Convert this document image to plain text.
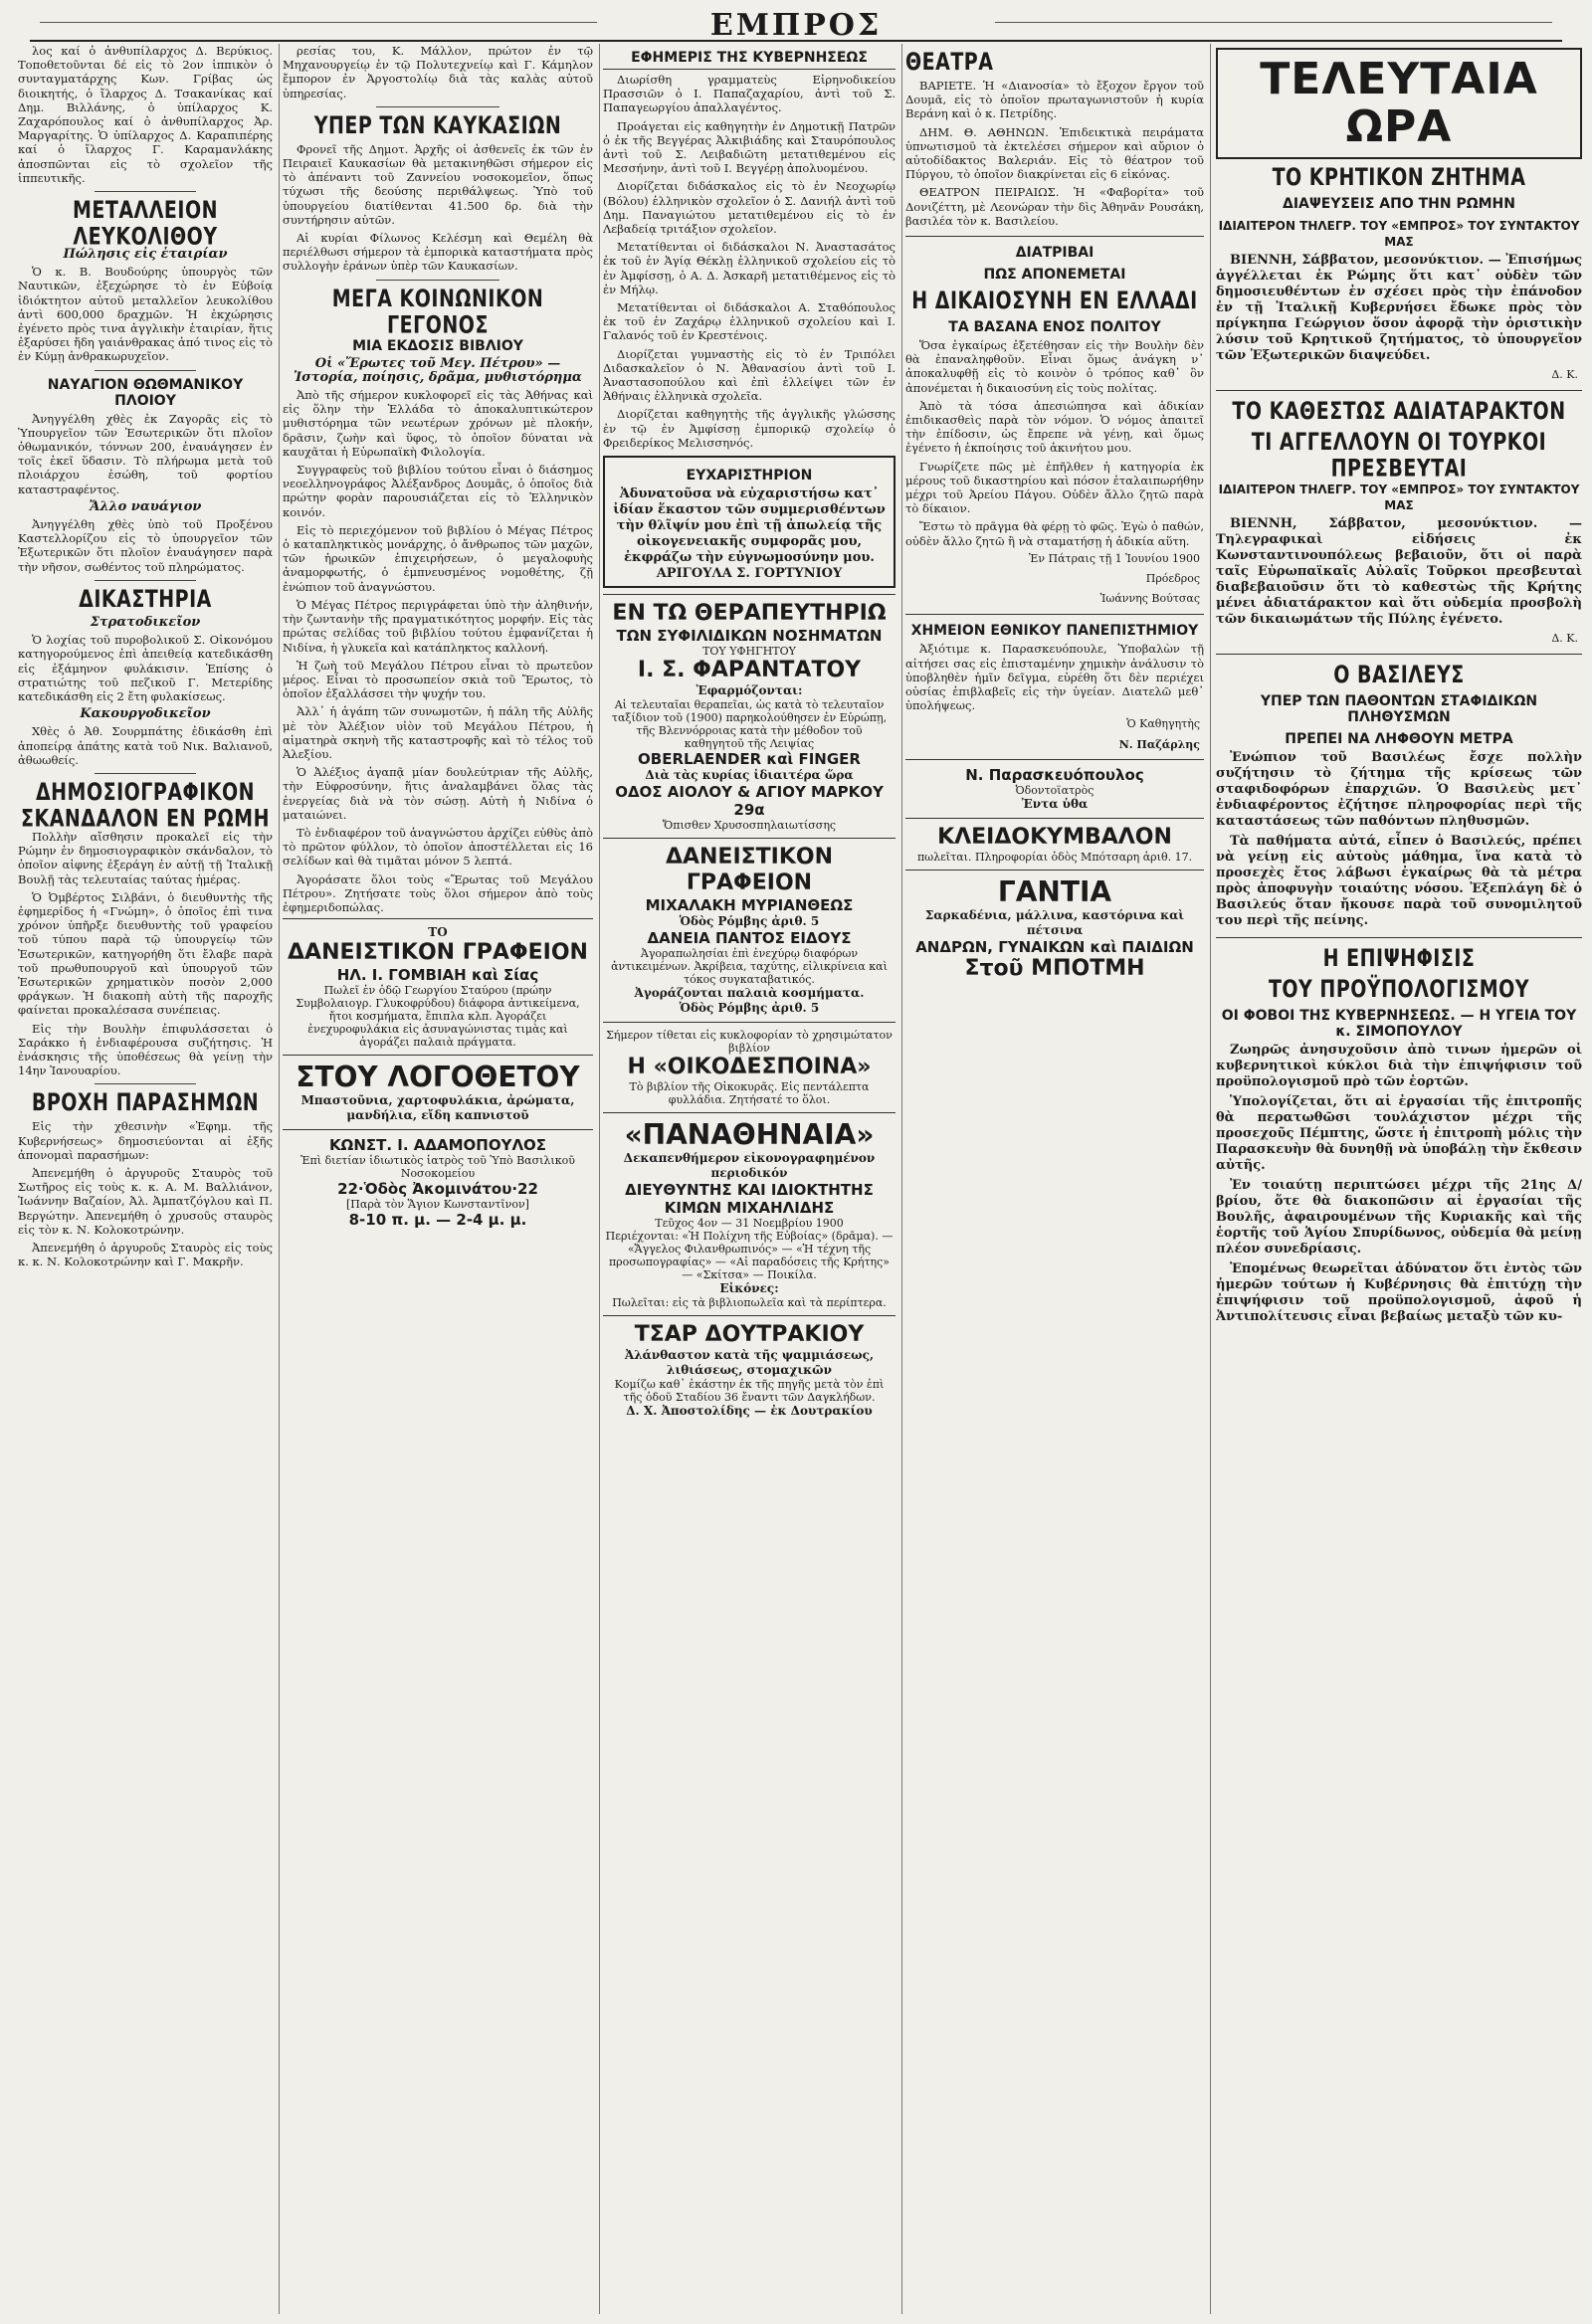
ΕΜΠΡΟΣ

λος καί ὁ ἀνθυπίλαρχος Δ. Βερύκιος. Τοποθετοῦνται δέ εἰς τὸ 2ον ἱππικὸν ὁ συνταγματάρχης Κων. Γρίβας ὡς διοικητής, ὁ ἴλαρχος Δ. Τσακανίκας καί Δημ. Βιλλάνης, ὁ ὑπίλαρχος Κ. Ζαχαρόπουλος καί ὁ ἀνθυπίλαρχος Ἀρ. Μαργαρίτης. Ὁ ὑπίλαρχος Δ. Καραπιπέρης καί ὁ ἴλαρχος Γ. Καραμανλάκης ἀποσπῶνται εἰς τὸ σχολεῖον τῆς ἱππευτικῆς.

ΜΕΤΑΛΛΕΙΟΝ ΛΕΥΚΟΛΙΘΟΥ
Πώλησις εἰς ἑταιρίαν

Ὁ κ. Β. Βουδούρης ὑπουργὸς τῶν Ναυτικῶν, ἐξεχώρησε τὸ ἐν Εὐβοίᾳ ἰδιόκτητον αὐτοῦ μεταλλεῖον λευκολίθου ἀντὶ 600,000 δραχμῶν. Ἡ ἐκχώρησις ἐγένετο πρὸς τινα ἀγγλικὴν ἑταιρίαν, ἥτις ἐξαρύσει ἤδη γαιάνθρακας ἀπό τινος εἰς τὸ ἐν Κύμῃ ἀνθρακωρυχεῖον.

ΝΑΥΑΓΙΟΝ ΘΩΘΜΑΝΙΚΟΥ ΠΛΟΙΟΥ

Ἀνηγγέλθη χθὲς ἐκ Ζαγορᾶς εἰς τὸ Ὑπουργεῖον τῶν Ἐσωτερικῶν ὅτι πλοῖον ὀθωμανικόν, τόννων 200, ἐναυάγησεν ἐν τοῖς ἐκεῖ ὕδασιν. Τὸ πλήρωμα μετὰ τοῦ πλοιάρχου ἐσώθη, τοῦ φορτίου καταστραφέντος.

Ἄλλο ναυάγιον

Ἀνηγγέλθη χθὲς ὑπὸ τοῦ Προξένου Καστελλορίζου εἰς τὸ ὑπουργεῖον τῶν Ἐξωτερικῶν ὅτι πλοῖον ἐναυάγησεν παρὰ τὴν νῆσον, σωθέντος τοῦ πληρώματος.

ΔΙΚΑΣΤΗΡΙΑ
Στρατοδικεῖον

Ὁ λοχίας τοῦ πυροβολικοῦ Σ. Οἰκονόμου κατηγορούμενος ἐπὶ ἀπειθείᾳ κατεδικάσθη εἰς ἑξάμηνον φυλάκισιν. Ἐπίσης ὁ στρατιώτης τοῦ πεζικοῦ Γ. Μετερίδης κατεδικάσθη εἰς 2 ἔτη φυλακίσεως.

Κακουργοδικεῖον

Χθὲς ὁ Ἀθ. Σουρμπάτης ἐδικάσθη ἐπὶ ἀποπείρᾳ ἀπάτης κατὰ τοῦ Νικ. Βαλιανοῦ, ἀθωωθείς.

ΔΗΜΟΣΙΟΓΡΑΦΙΚΟΝ ΣΚΑΝΔΑΛΟΝ ΕΝ ΡΩΜΗ

Πολλὴν αἴσθησιν προκαλεῖ εἰς τὴν Ρώμην ἐν δημοσιογραφικὸν σκάνδαλον, τὸ ὁποῖον αἰφνης ἐξεράγη ἐν αὐτῇ τῇ Ἰταλικῇ Βουλῇ τὰς τελευταίας ταύτας ἡμέρας.

Ὁ Ὀμβέρτος Σιλβάνι, ὁ διευθυντὴς τῆς ἐφημερίδος ἡ «Γνώμη», ὁ ὁποῖος ἐπὶ τινα χρόνον ὑπῆρξε διευθυντὴς τοῦ γραφείου τοῦ τύπου παρὰ τῷ ὑπουργείῳ τῶν Ἐσωτερικῶν, κατηγορήθη ὅτι ἔλαβε παρὰ τοῦ πρωθυπουργοῦ καὶ ὑπουργοῦ τῶν Ἐσωτερικῶν χρηματικὸν ποσὸν 2,000 φράγκων. Ἡ διακοπὴ αὐτὴ τῆς παροχῆς φαίνεται προκαλέσασα συνέπειας.

Εἰς τὴν Βουλὴν ἐπιφυλάσσεται ὁ Σαράκκο ἡ ἐνδιαφέρουσα συζήτησις. Ἡ ἐνάσκησις τῆς ὑποθέσεως θὰ γείνῃ τὴν 14ην Ἰανουαρίου.

ΒΡΟΧΗ ΠΑΡΑΣΗΜΩΝ

Εἰς τὴν χθεσινὴν «Ἐφημ. τῆς Κυβερνήσεως» δημοσιεύονται αἱ ἑξῆς ἀπονομαὶ παρασήμων:

Ἀπενεμήθη ὁ ἀργυροῦς Σταυρὸς τοῦ Σωτῆρος εἰς τοὺς κ. κ. Α. Μ. Βαλλιάνον, Ἰωάννην Βαζαίον, Ἀλ. Ἀμπατζόγλου καὶ Π. Βεργώτην. Ἀπενεμήθη ὁ χρυσοῦς σταυρὸς εἰς τὸν κ. Ν. Κολοκοτρώνην.

Ἀπενεμήθη ὁ ἀργυροῦς Σταυρὸς εἰς τοὺς κ. κ. Ν. Κολοκοτρώνην καὶ Γ. Μακρῆν.

ρεσίας του, Κ. Μάλλον, πρώτον ἐν τῷ Μηχανουργείῳ ἐν τῷ Πολυτεχνείῳ καὶ Γ. Κάμηλον ἔμπορον ἐν Ἀργοστολίῳ διὰ τὰς καλὰς αὐτοῦ ὑπηρεσίας.

ΥΠΕΡ ΤΩΝ ΚΑΥΚΑΣΙΩΝ

Φρονεῖ τῆς Δημοτ. Ἀρχῆς οἱ ἀσθενεῖς ἐκ τῶν ἐν Πειραιεῖ Καυκασίων θὰ μετακινηθῶσι σήμερον εἰς τὸ ἀπέναντι τοῦ Ζαννείου νοσοκομεῖον, ὅπως τύχωσι τῆς δεούσης περιθάλψεως. Ὑπὸ τοῦ ὑπουργείου διατίθενται 41.500 δρ. διὰ τὴν συντήρησιν αὐτῶν.

Αἱ κυρίαι Φίλωνος Κελέσμη καὶ Θεμέλη θὰ περιέλθωσι σήμερον τὰ ἐμπορικὰ καταστήματα πρὸς συλλογὴν ἐράνων ὑπὲρ τῶν Καυκασίων.

ΜΕΓΑ ΚΟΙΝΩΝΙΚΟΝ ΓΕΓΟΝΟΣ
ΜΙΑ ΕΚΔΟΣΙΣ ΒΙΒΛΙΟΥ
Οἱ «Ἔρωτες τοῦ Μεγ. Πέτρου» — Ἱστορία, ποίησις, δρᾶμα, μυθιστόρημα

Ἀπὸ τῆς σήμερον κυκλοφορεῖ εἰς τὰς Ἀθήνας καὶ εἰς ὅλην τὴν Ἑλλάδα τὸ ἀποκαλυπτικώτερον μυθιστόρημα τῶν νεωτέρων χρόνων μὲ πλοκήν, δρᾶσιν, ζωὴν καὶ ὕφος, τὸ ὁποῖον δύναται νὰ καυχᾶται ἡ Εὐρωπαϊκὴ Φιλολογία.

Συγγραφεὺς τοῦ βιβλίου τούτου εἶναι ὁ διάσημος νεοελληνογράφος Ἀλέξανδρος Δουμᾶς, ὁ ὁποῖος διὰ πρώτην φορὰν παρουσιάζεται εἰς τὸ Ἑλληνικὸν κοινόν.

Εἰς τὸ περιεχόμενον τοῦ βιβλίου ὁ Μέγας Πέτρος ὁ καταπληκτικὸς μονάρχης, ὁ ἄνθρωπος τῶν μαχῶν, τῶν ἡρωικῶν ἐπιχειρήσεων, ὁ μεγαλοφυὴς ἀναμορφωτής, ὁ ἐμπνευσμένος νομοθέτης, ζῇ ἐνώπιον τοῦ ἀναγνώστου.

Ὁ Μέγας Πέτρος περιγράφεται ὑπὸ τὴν ἀληθινήν, τὴν ζωντανὴν τῆς πραγματικότητος μορφήν. Εἰς τὰς πρώτας σελίδας τοῦ βιβλίου τούτου ἐμφανίζεται ἡ Νιδίνα, ἡ γλυκεῖα καὶ κατάπληκτος καλλονή.

Ἡ ζωὴ τοῦ Μεγάλου Πέτρου εἶναι τὸ πρωτεῦον μέρος. Εἶναι τὸ προσωπείον σκιὰ τοῦ Ἔρωτος, τὸ ὁποῖον ἐξαλλάσσει τὴν ψυχήν του.

Ἀλλ᾽ ἡ ἀγάπη τῶν συνωμοτῶν, ἡ πάλη τῆς Αὐλῆς μὲ τὸν Ἀλέξιον υἱὸν τοῦ Μεγάλου Πέτρου, ἡ αἱματηρὰ σκηνὴ τῆς καταστροφῆς καὶ τὸ τέλος τοῦ Ἀλεξίου.

Ὁ Ἀλέξιος ἀγαπᾷ μίαν δουλεύτριαν τῆς Αὐλῆς, τὴν Εὐφροσύνην, ἥτις ἀναλαμβάνει ὅλας τὰς ἐνεργείας διὰ νὰ τὸν σώσῃ. Αὐτὴ ἡ Νιδίνα ὁ ματαιώνει.

Τὸ ἐνδιαφέρον τοῦ ἀναγνώστου ἀρχίζει εὐθὺς ἀπὸ τὸ πρῶτον φύλλον, τὸ ὁποῖον ἀποστέλλεται εἰς 16 σελίδων καὶ θὰ τιμᾶται μόνον 5 λεπτά.

Ἀγοράσατε ὅλοι τοὺς «Ἔρωτας τοῦ Μεγάλου Πέτρου». Ζητήσατε τοὺς ὅλοι σήμερον ἀπὸ τοὺς ἐφημεριδοπώλας.

ΤΟ
ΔΑΝΕΙΣΤΙΚΟΝ ΓΡΑΦΕΙΟΝ
ΗΛ. Ι. ΓΟΜΒΙΑΗ καὶ Σίας
Πωλεῖ ἐν ὁδῷ Γεωργίου Σταύρου (πρώην Συμβολαιογρ. Γλυκοφρύδου) διάφορα ἀντικείμενα, ἤτοι κοσμήματα, ἔπιπλα κλπ. Ἀγοράζει ἐνεχυροφυλάκια εἰς ἀσυναγώνιστας τιμὰς καὶ ἀγοράζει παλαιὰ πράγματα.
ΣΤΟΥ ΛΟΓΟΘΕΤΟΥ
Μπαστοῦνια, χαρτοφυλάκια, ἀρώματα, μανδήλια, εἴδη καπνιστοῦ
ΚΩΝΣΤ. Ι. ΑΔΑΜΟΠΟΥΛΟΣ
Ἐπὶ διετίαν ἰδιωτικὸς ἰατρὸς τοῦ Ὑπὸ Βασιλικοῦ Νοσοκομείου
22·Ὁδὸς Ἀκομινάτου·22
[Παρὰ τὸν Ἅγιον Κωνσταντῖνον]
8-10 π. μ. — 2-4 μ. μ.
ΕΦΗΜΕΡΙΣ ΤΗΣ ΚΥΒΕΡΝΗΣΕΩΣ

Διωρίσθη γραμματεὺς Εἰρηνοδικείου Πρασσιῶν ὁ Ι. Παπαζαχαρίου, ἀντὶ τοῦ Σ. Παπαγεωργίου ἀπαλλαγέντος.

Προάγεται εἰς καθηγητὴν ἐν Δημοτικῇ Πατρῶν ὁ ἐκ τῆς Βεγγέρας Ἀλκιβιάδης καὶ Σταυρόπουλος ἀντὶ τοῦ Σ. Λειβαδιῶτη μετατιθεμένου εἰς Μεσσήνην, ἀντὶ τοῦ Ι. Βεγγέρῃ ἀπολυομένου.

Διορίζεται διδάσκαλος εἰς τὸ ἐν Νεοχωρίῳ (Βόλου) ἑλληνικὸν σχολεῖον ὁ Σ. Δανιήλ ἀντὶ τοῦ Δημ. Παναγιώτου μετατιθεμένου εἰς τὸ ἐν Λεβαδείᾳ τριτάξιον σχολεῖον.

Μετατίθενται οἱ διδάσκαλοι Ν. Ἀναστασάτος ἐκ τοῦ ἐν Ἁγίᾳ Θέκλῃ ἑλληνικοῦ σχολείου εἰς τὸ ἐν Ἀμφίσσῃ, ὁ Α. Δ. Ἀσκαρῆ μετατιθέμενος εἰς τὸ ἐν Μήλῳ.

Μετατίθενται οἱ διδάσκαλοι Α. Σταθόπουλος ἐκ τοῦ ἐν Ζαχάρῳ ἑλληνικοῦ σχολείου καὶ Ι. Γαλανός τοῦ ἐν Κρεστένοις.

Διορίζεται γυμναστὴς εἰς τὸ ἐν Τριπόλει Διδασκαλεῖον ὁ Ν. Ἀθανασίου ἀντὶ τοῦ Ι. Ἀναστασοπούλου καὶ ἐπὶ ἐλλείψει τῶν ἐν Ἀθήναις ἑλληνικὰ σχολεῖα.

Διορίζεται καθηγητὴς τῆς ἀγγλικῆς γλώσσης ἐν τῷ ἐν Ἀμφίσσῃ ἐμπορικῷ σχολείῳ ὁ Φρειδερίκος Μελισσηνός.

ΕΥΧΑΡΙΣΤΗΡΙΟΝ
Ἀδυνατοῦσα νὰ εὐχαριστήσω κατ᾽ ἰδίαν ἕκαστον τῶν συμμερισθέντων τὴν θλῖψίν μου ἐπὶ τῇ ἀπωλείᾳ τῆς οἰκογενειακῆς συμφορᾶς μου, ἐκφράζω τὴν εὐγνωμοσύνην μου.
ΑΡΙΓΟΥΛΑ Σ. ΓΟΡΤΥΝΙΟΥ
ΕΝ ΤΩ ΘΕΡΑΠΕΥΤΗΡΙΩ
ΤΩΝ ΣΥΦΙΛΙΔΙΚΩΝ ΝΟΣΗΜΑΤΩΝ
ΤΟΥ ΥΦΗΓΗΤΟΥ
Ι. Σ. ΦΑΡΑΝΤΑΤΟΥ
Ἐφαρμόζονται:
Αἱ τελευταῖαι θεραπεῖαι, ὡς κατὰ τὸ τελευταῖον ταξίδιον τοῦ (1900) παρηκολούθησεν ἐν Εὐρώπῃ, τῆς Βλεννόρροιας κατὰ τὴν μέθοδον τοῦ καθηγητοῦ τῆς Λειψίας
OBERLAENDER καὶ FINGER
Διὰ τὰς κυρίας ἰδιαιτέρα ὥρα
ΟΔΟΣ ΑΙΟΛΟΥ & ΑΓΙΟΥ ΜΑΡΚΟΥ 29α
Ὄπισθεν Χρυσοσπηλαιωτίσσης
ΔΑΝΕΙΣΤΙΚΟΝ ΓΡΑΦΕΙΟΝ
ΜΙΧΑΛΑΚΗ ΜΥΡΙΑΝΘΕΩΣ
Ὁδὸς Ρόμβης ἀριθ. 5
ΔΑΝΕΙΑ ΠΑΝΤΟΣ ΕΙΔΟΥΣ
Ἀγοραπωλησίαι ἐπὶ ἐνεχύρῳ διαφόρων ἀντικειμένων. Ἀκρίβεια, ταχύτης, εἰλικρίνεια καὶ τόκος συγκαταβατικός.
Ἀγοράζονται παλαιὰ κοσμήματα.
Ὁδὸς Ρόμβης ἀριθ. 5
Σήμερον τίθεται εἰς κυκλοφορίαν τὸ χρησιμώτατον βιβλίον
Η «ΟΙΚΟΔΕΣΠΟΙΝΑ»
Τὸ βιβλίον τῆς Οἰκοκυρᾶς. Εἰς πεντάλεπτα φυλλάδια. Ζητήσατέ το ὅλοι.
«ΠΑΝΑΘΗΝΑΙΑ»
Δεκαπενθήμερον εἰκονογραφημένον περιοδικόν
ΔΙΕΥΘΥΝΤΗΣ ΚΑΙ ΙΔΙΟΚΤΗΤΗΣ
ΚΙΜΩΝ ΜΙΧΑΗΛΙΔΗΣ
Τεῦχος 4ον — 31 Νοεμβρίου 1900
Περιέχονται: «Ἡ Πολίχνη τῆς Εὐβοίας» (δρᾶμα). — «Ἄγγελος Φιλανθρωπινός» — «Ἡ τέχνη τῆς προσωπογραφίας» — «Αἱ παραδόσεις τῆς Κρήτης» — «Σκίτσα» — Ποικίλα.
Εἰκόνες:
Πωλεῖται: εἰς τὰ βιβλιοπωλεῖα καὶ τὰ περίπτερα.
ΤΣΑΡ ΔΟΥΤΡΑΚΙΟΥ
Ἀλάνθαστον κατὰ τῆς ψαμμιάσεως, λιθιάσεως, στομαχικῶν
Κομίζω καθ᾽ ἑκάστην ἐκ τῆς πηγῆς μετὰ τὸν ἐπὶ τῆς ὁδοῦ Σταδίου 36 ἔναντι τῶν Δαγκλήδων.
Δ. Χ. Ἀποστολίδης — ἐκ Δουτρακίου
ΘΕΑΤΡΑ

ΒΑΡΙΕΤΕ. Ἡ «Διανοσία» τὸ ἔξοχον ἔργον τοῦ Δουμᾶ, εἰς τὸ ὁποῖον πρωταγωνιστοῦν ἡ κυρία Βεράνη καὶ ὁ κ. Πετρίδης.

ΔΗΜ. Θ. ΑΘΗΝΩΝ. Ἐπιδεικτικὰ πειράματα ὑπνωτισμοῦ τὰ ἐκτελέσει σήμερον καὶ αὔριον ὁ αὐτοδίδακτος Βαλεριάν. Εἰς τὸ θέατρον τοῦ Πύργου, τὸ ὁποῖον διακρίνεται εἰς 6 εἰκόνας.

ΘΕΑΤΡΟΝ ΠΕΙΡΑΙΩΣ. Ἡ «Φαβορίτα» τοῦ Δονιζέττη, μὲ Λεονώραν τὴν δὶς Ἀθηνᾶν Ρουσάκη, βασιλέα τὸν κ. Βασιλείου.

ΔΙΑΤΡΙΒΑΙ
ΠΩΣ ΑΠΟΝΕΜΕΤΑΙ
Η ΔΙΚΑΙΟΣΥΝΗ ΕΝ ΕΛΛΑΔΙ
ΤΑ ΒΑΣΑΝΑ ΕΝΟΣ ΠΟΛΙΤΟΥ

Ὅσα ἐγκαίρως ἐξετέθησαν εἰς τὴν Βουλὴν δὲν θὰ ἐπαναληφθοῦν. Εἶναι ὅμως ἀνάγκη ν᾽ ἀποκαλυφθῇ εἰς τὸ κοινὸν ὁ τρόπος καθ᾽ ὃν ἀπονέμεται ἡ δικαιοσύνη εἰς τοὺς πολίτας.

Ἀπὸ τὰ τόσα ἀπεσιώπησα καὶ ἀδικίαν ἐπιδικασθεὶς παρὰ τὸν νόμον. Ὁ νόμος ἀπαιτεῖ τὴν ἐπίδοσιν, ὡς ἔπρεπε νὰ γένῃ, καὶ ὅμως ἐγένετο ἡ ἐκποίησις τοῦ ἀκινήτου μου.

Γνωρίζετε πῶς μὲ ἐπῆλθεν ἡ κατηγορία ἐκ μέρους τοῦ δικαστηρίου καὶ πόσον ἐταλαιπωρήθην μέχρι τοῦ Ἀρείου Πάγου. Οὐδὲν ἄλλο ζητῶ παρὰ τὸ δίκαιον.

Ἔστω τὸ πρᾶγμα θὰ φέρῃ τὸ φῶς. Ἐγὼ ὁ παθών, οὐδὲν ἄλλο ζητῶ ἢ νὰ σταματήσῃ ἡ ἀδικία αὕτη.

Ἐν Πάτραις τῇ 1 Ἰουνίου 1900
Πρόεδρος
Ἰωάννης Βούτσας
ΧΗΜΕΙΟΝ ΕΘΝΙΚΟΥ ΠΑΝΕΠΙΣΤΗΜΙΟΥ

Ἀξιότιμε κ. Παρασκευόπουλε, Ὑποβαλὼν τῇ αἰτήσει σας εἰς ἐπισταμένην χημικὴν ἀνάλυσιν τὸ ὑποβληθὲν ἡμῖν δεῖγμα, εὑρέθη ὅτι δὲν περιέχει οὐσίας ἐπιβλαβεῖς εἰς τὴν ὑγείαν. Διατελῶ μεθ᾽ ὑπολήψεως.

Ὁ Καθηγητὴς
Ν. Παζάρλης
Ν. Παρασκευόπουλος
Ὀδοντοϊατρὸς
Ἐντα ὑθα
ΚΛΕΙΔΟΚΥΜΒΑΛΟΝ
πωλεῖται. Πληροφορίαι ὁδὸς Μπότσαρη ἀριθ. 17.
ΓΑΝΤΙΑ
Σαρκαδένια, μάλλινα, καστόρινα καὶ πέτσινα
ΑΝΔΡΩΝ, ΓΥΝΑΙΚΩΝ καὶ ΠΑΙΔΙΩΝ
Στοῦ ΜΠΟΤΜΗ
ΤΕΛΕΥΤΑΙΑ ΩΡΑ
ΤΟ ΚΡΗΤΙΚΟΝ ΖΗΤΗΜΑ
ΔΙΑΨΕΥΣΕΙΣ ΑΠΟ ΤΗΝ ΡΩΜΗΝ
ΙΔΙΑΙΤΕΡΟΝ ΤΗΛΕΓΡ. ΤΟΥ «ΕΜΠΡΟΣ» ΤΟΥ ΣΥΝΤΑΚΤΟΥ ΜΑΣ

ΒΙΕΝΝΗ, Σάββατον, μεσονύκτιον. — Ἐπισήμως ἀγγέλλεται ἐκ Ρώμης ὅτι κατ᾽ οὐδὲν τῶν δημοσιευθέντων ἐν σχέσει πρὸς τὴν ἐπάνοδον ἐν τῇ Ἰταλικῇ Κυβερνήσει ἔδωκε πρὸς τὸν πρίγκηπα Γεώργιον ὅσον ἀφορᾷ τὴν ὁριστικὴν λύσιν τοῦ Κρητικοῦ ζητήματος, τὸ ὑπουργεῖον τῶν Ἐξωτερικῶν διαψεύδει.

Δ. Κ.
ΤΟ ΚΑΘΕΣΤΩΣ ΑΔΙΑΤΑΡΑΚΤΟΝ
ΤΙ ΑΓΓΕΛΛΟΥΝ ΟΙ ΤΟΥΡΚΟΙ ΠΡΕΣΒΕΥΤΑΙ
ΙΔΙΑΙΤΕΡΟΝ ΤΗΛΕΓΡ. ΤΟΥ «ΕΜΠΡΟΣ» ΤΟΥ ΣΥΝΤΑΚΤΟΥ ΜΑΣ

ΒΙΕΝΝΗ, Σάββατον, μεσονύκτιον. — Τηλεγραφικαὶ εἰδήσεις ἐκ Κωνσταντινουπόλεως βεβαιοῦν, ὅτι οἱ παρὰ ταῖς Εὐρωπαϊκαῖς Αὐλαῖς Τοῦρκοι πρεσβευταὶ διαβεβαιοῦσιν ὅτι τὸ καθεστὼς τῆς Κρήτης μένει ἀδιατάρακτον καὶ ὅτι οὐδεμία προσβολὴ τῶν δικαιωμάτων τῆς Πύλης ἐγένετο.

Δ. Κ.
Ο ΒΑΣΙΛΕΥΣ
ΥΠΕΡ ΤΩΝ ΠΑΘΟΝΤΩΝ ΣΤΑΦΙΔΙΚΩΝ ΠΛΗΘΥΣΜΩΝ
ΠΡΕΠΕΙ ΝΑ ΛΗΦΘΟΥΝ ΜΕΤΡΑ

Ἐνώπιον τοῦ Βασιλέως ἔσχε πολλὴν συζήτησιν τὸ ζήτημα τῆς κρίσεως τῶν σταφιδοφόρων ἐπαρχιῶν. Ὁ Βασιλεὺς μετ᾽ ἐνδιαφέροντος ἐζήτησε πληροφορίας περὶ τῆς καταστάσεως τῶν παθόντων πληθυσμῶν.

Τὰ παθήματα αὐτά, εἶπεν ὁ Βασιλεύς, πρέπει νὰ γείνῃ εἰς αὐτοὺς μάθημα, ἵνα κατὰ τὸ προσεχὲς ἔτος λάβωσι ἐγκαίρως θὰ τὰ μέτρα πρὸς ἀποφυγὴν τοιαύτης νόσου. Ἐξεπλάγη δὲ ὁ Βασιλεύς ὅταν ἤκουσε παρὰ τοῦ συνομιλητοῦ του περὶ τῆς πείνης.

Η ΕΠΙΨΗΦΙΣΙΣ
ΤΟΥ ΠΡΟΫΠΟΛΟΓΙΣΜΟΥ
ΟΙ ΦΟΒΟΙ ΤΗΣ ΚΥΒΕΡΝΗΣΕΩΣ. — Η ΥΓΕΙΑ ΤΟΥ κ. ΣΙΜΟΠΟΥΛΟΥ

Ζωηρῶς ἀνησυχοῦσιν ἀπὸ τινων ἡμερῶν οἱ κυβερνητικοὶ κύκλοι διὰ τὴν ἐπιψήφισιν τοῦ προϋπολογισμοῦ πρὸ τῶν ἑορτῶν.

Ὑπολογίζεται, ὅτι αἱ ἐργασίαι τῆς ἐπιτροπῆς θὰ περατωθῶσι τουλάχιστον μέχρι τῆς προσεχοῦς Πέμπτης, ὥστε ἡ ἐπιτροπὴ μόλις τὴν Παρασκευὴν θὰ δυνηθῇ νὰ ὑποβάλῃ τὴν ἔκθεσιν αὐτῆς.

Ἐν τοιαύτῃ περιπτώσει μέχρι τῆς 21ης Δ/βρίου, ὅτε θὰ διακοπῶσιν αἱ ἐργασίαι τῆς Βουλῆς, ἀφαιρουμένων τῆς Κυριακῆς καὶ τῆς ἑορτῆς τοῦ Ἁγίου Σπυρίδωνος, οὐδεμία θὰ μείνῃ πλέον συνεδρίασις.

Ἐπομένως θεωρεῖται ἀδύνατον ὅτι ἐντὸς τῶν ἡμερῶν τούτων ἡ Κυβέρνησις θὰ ἐπιτύχῃ τὴν ἐπιψήφισιν τοῦ προϋπολογισμοῦ, ἀφοῦ ἡ Ἀντιπολίτευσις εἶναι βεβαίως μεταξὺ τῶν κυ-
